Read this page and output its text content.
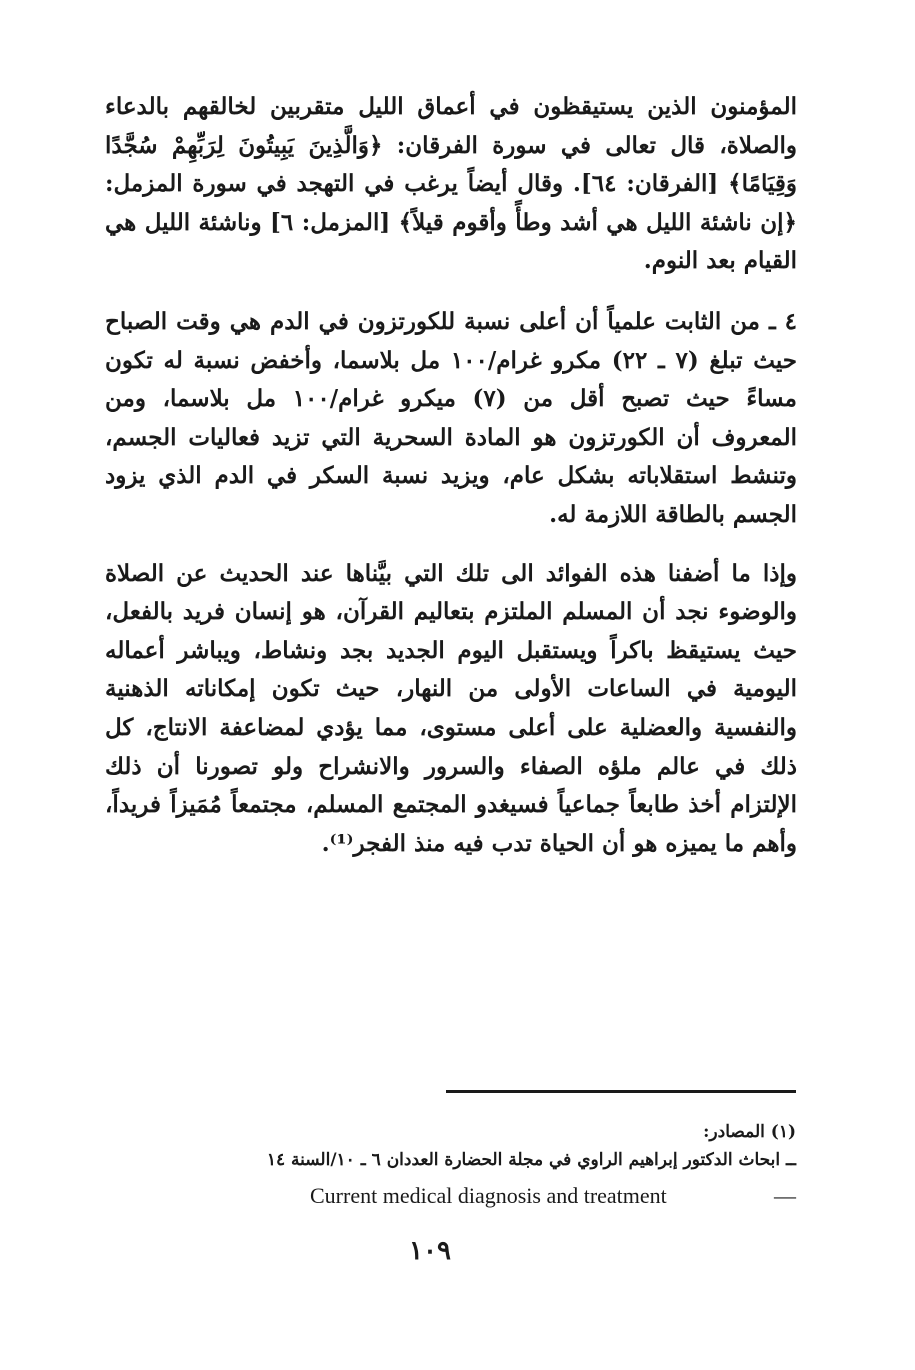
المؤمنون الذين يستيقظون في أعماق الليل متقربين لخالقهم بالدعاء والصلاة، قال تعالى في سورة الفرقان: ﴿وَالَّذِينَ يَبِيتُونَ لِرَبِّهِمْ سُجَّدًا وَقِيَامًا﴾ [الفرقان: ٦٤]. وقال أيضاً يرغب في التهجد في سورة المزمل: ﴿إن ناشئة الليل هي أشد وطأً وأقوم قيلاً﴾ [المزمل: ٦] وناشئة الليل هي القيام بعد النوم.

٤ ـ من الثابت علمياً أن أعلى نسبة للكورتزون في الدم هي وقت الصباح حيث تبلغ (٧ ـ ٢٢) مكرو غرام/١٠٠ مل بلاسما، وأخفض نسبة له تكون مساءً حيث تصبح أقل من (٧) ميكرو غرام/١٠٠ مل بلاسما، ومن المعروف أن الكورتزون هو المادة السحرية التي تزيد فعاليات الجسم، وتنشط استقلاباته بشكل عام، ويزيد نسبة السكر في الدم الذي يزود الجسم بالطاقة اللازمة له.

وإذا ما أضفنا هذه الفوائد الى تلك التي بيَّناها عند الحديث عن الصلاة والوضوء نجد أن المسلم الملتزم بتعاليم القرآن، هو إنسان فريد بالفعل، حيث يستيقظ باكراً ويستقبل اليوم الجديد بجد ونشاط، ويباشر أعماله اليومية في الساعات الأولى من النهار، حيث تكون إمكاناته الذهنية والنفسية والعضلية على أعلى مستوى، مما يؤدي لمضاعفة الانتاج، كل ذلك في عالم ملؤه الصفاء والسرور والانشراح ولو تصورنا أن ذلك الإلتزام أخذ طابعاً جماعياً فسيغدو المجتمع المسلم، مجتمعاً مُمَيزاً فريداً، وأهم ما يميزه هو أن الحياة تدب فيه منذ الفجر⁽¹⁾.

(١) المصادر:
ــ ابحاث الدكتور إبراهيم الراوي في مجلة الحضارة العددان ٦ ـ ١٠/السنة ١٤
Current medical diagnosis and treatment	—
١٠٩
